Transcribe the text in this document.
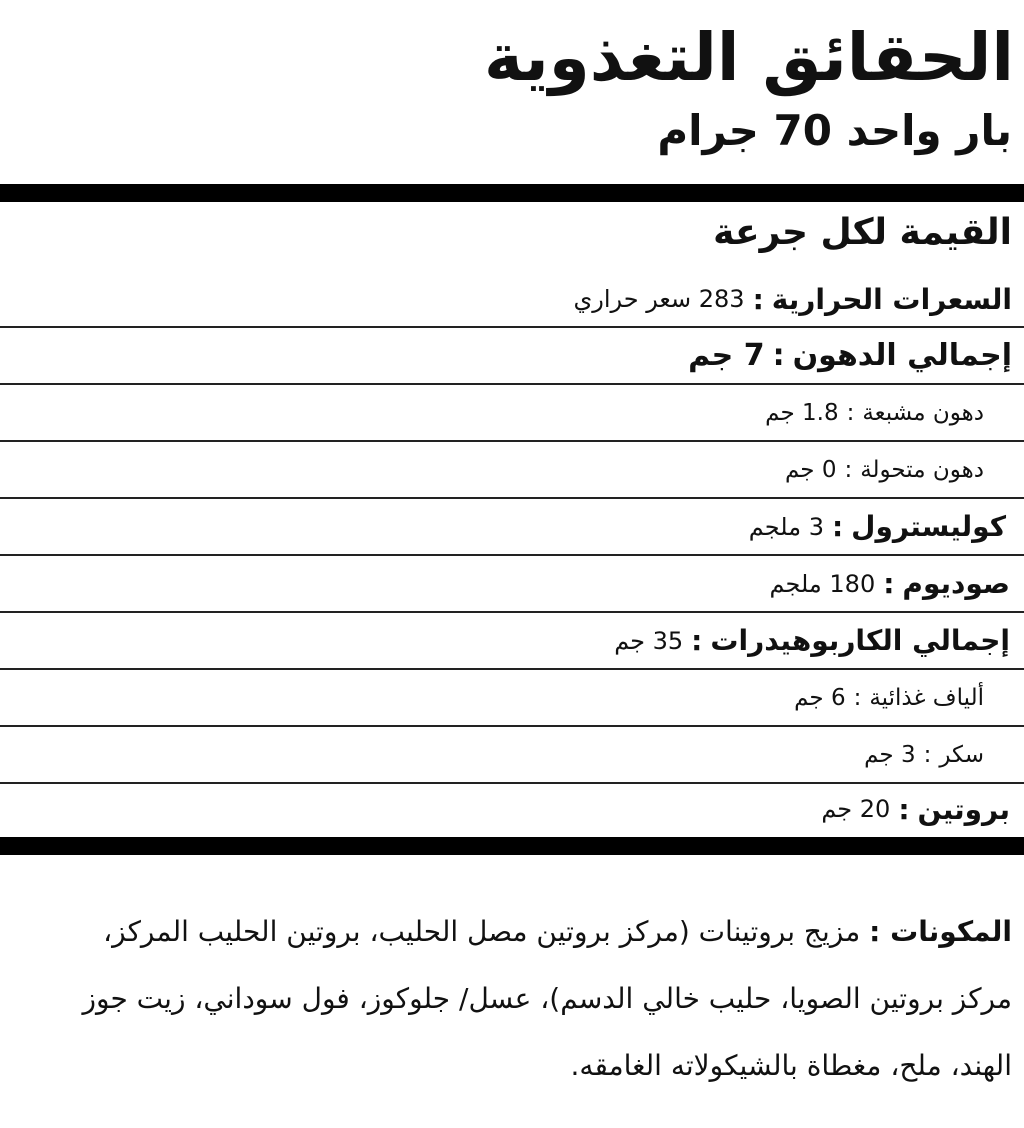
الحقائق التغذوية
بار واحد 70 جرام
القيمة لكل جرعة
السعرات الحرارية
:
283 سعر حراري
إجمالي الدهون
:
7 جم
دهون مشبعة
:
1.8 جم
دهون متحولة
:
0 جم
كوليسترول
:
3 ملجم
صوديوم
:
180 ملجم
إجمالي الكاربوهيدرات
:
35 جم
ألياف غذائية
:
6 جم
سكر
:
3 جم
بروتين
:
20 جم

المكونات : مزيج بروتينات (مركز بروتين مصل الحليب، بروتين الحليب المركز، مركز بروتين الصويا، حليب خالي الدسم)، عسل/ جلوكوز، فول سوداني، زيت جوز الهند، ملح، مغطاة بالشيكولاته الغامقه.
